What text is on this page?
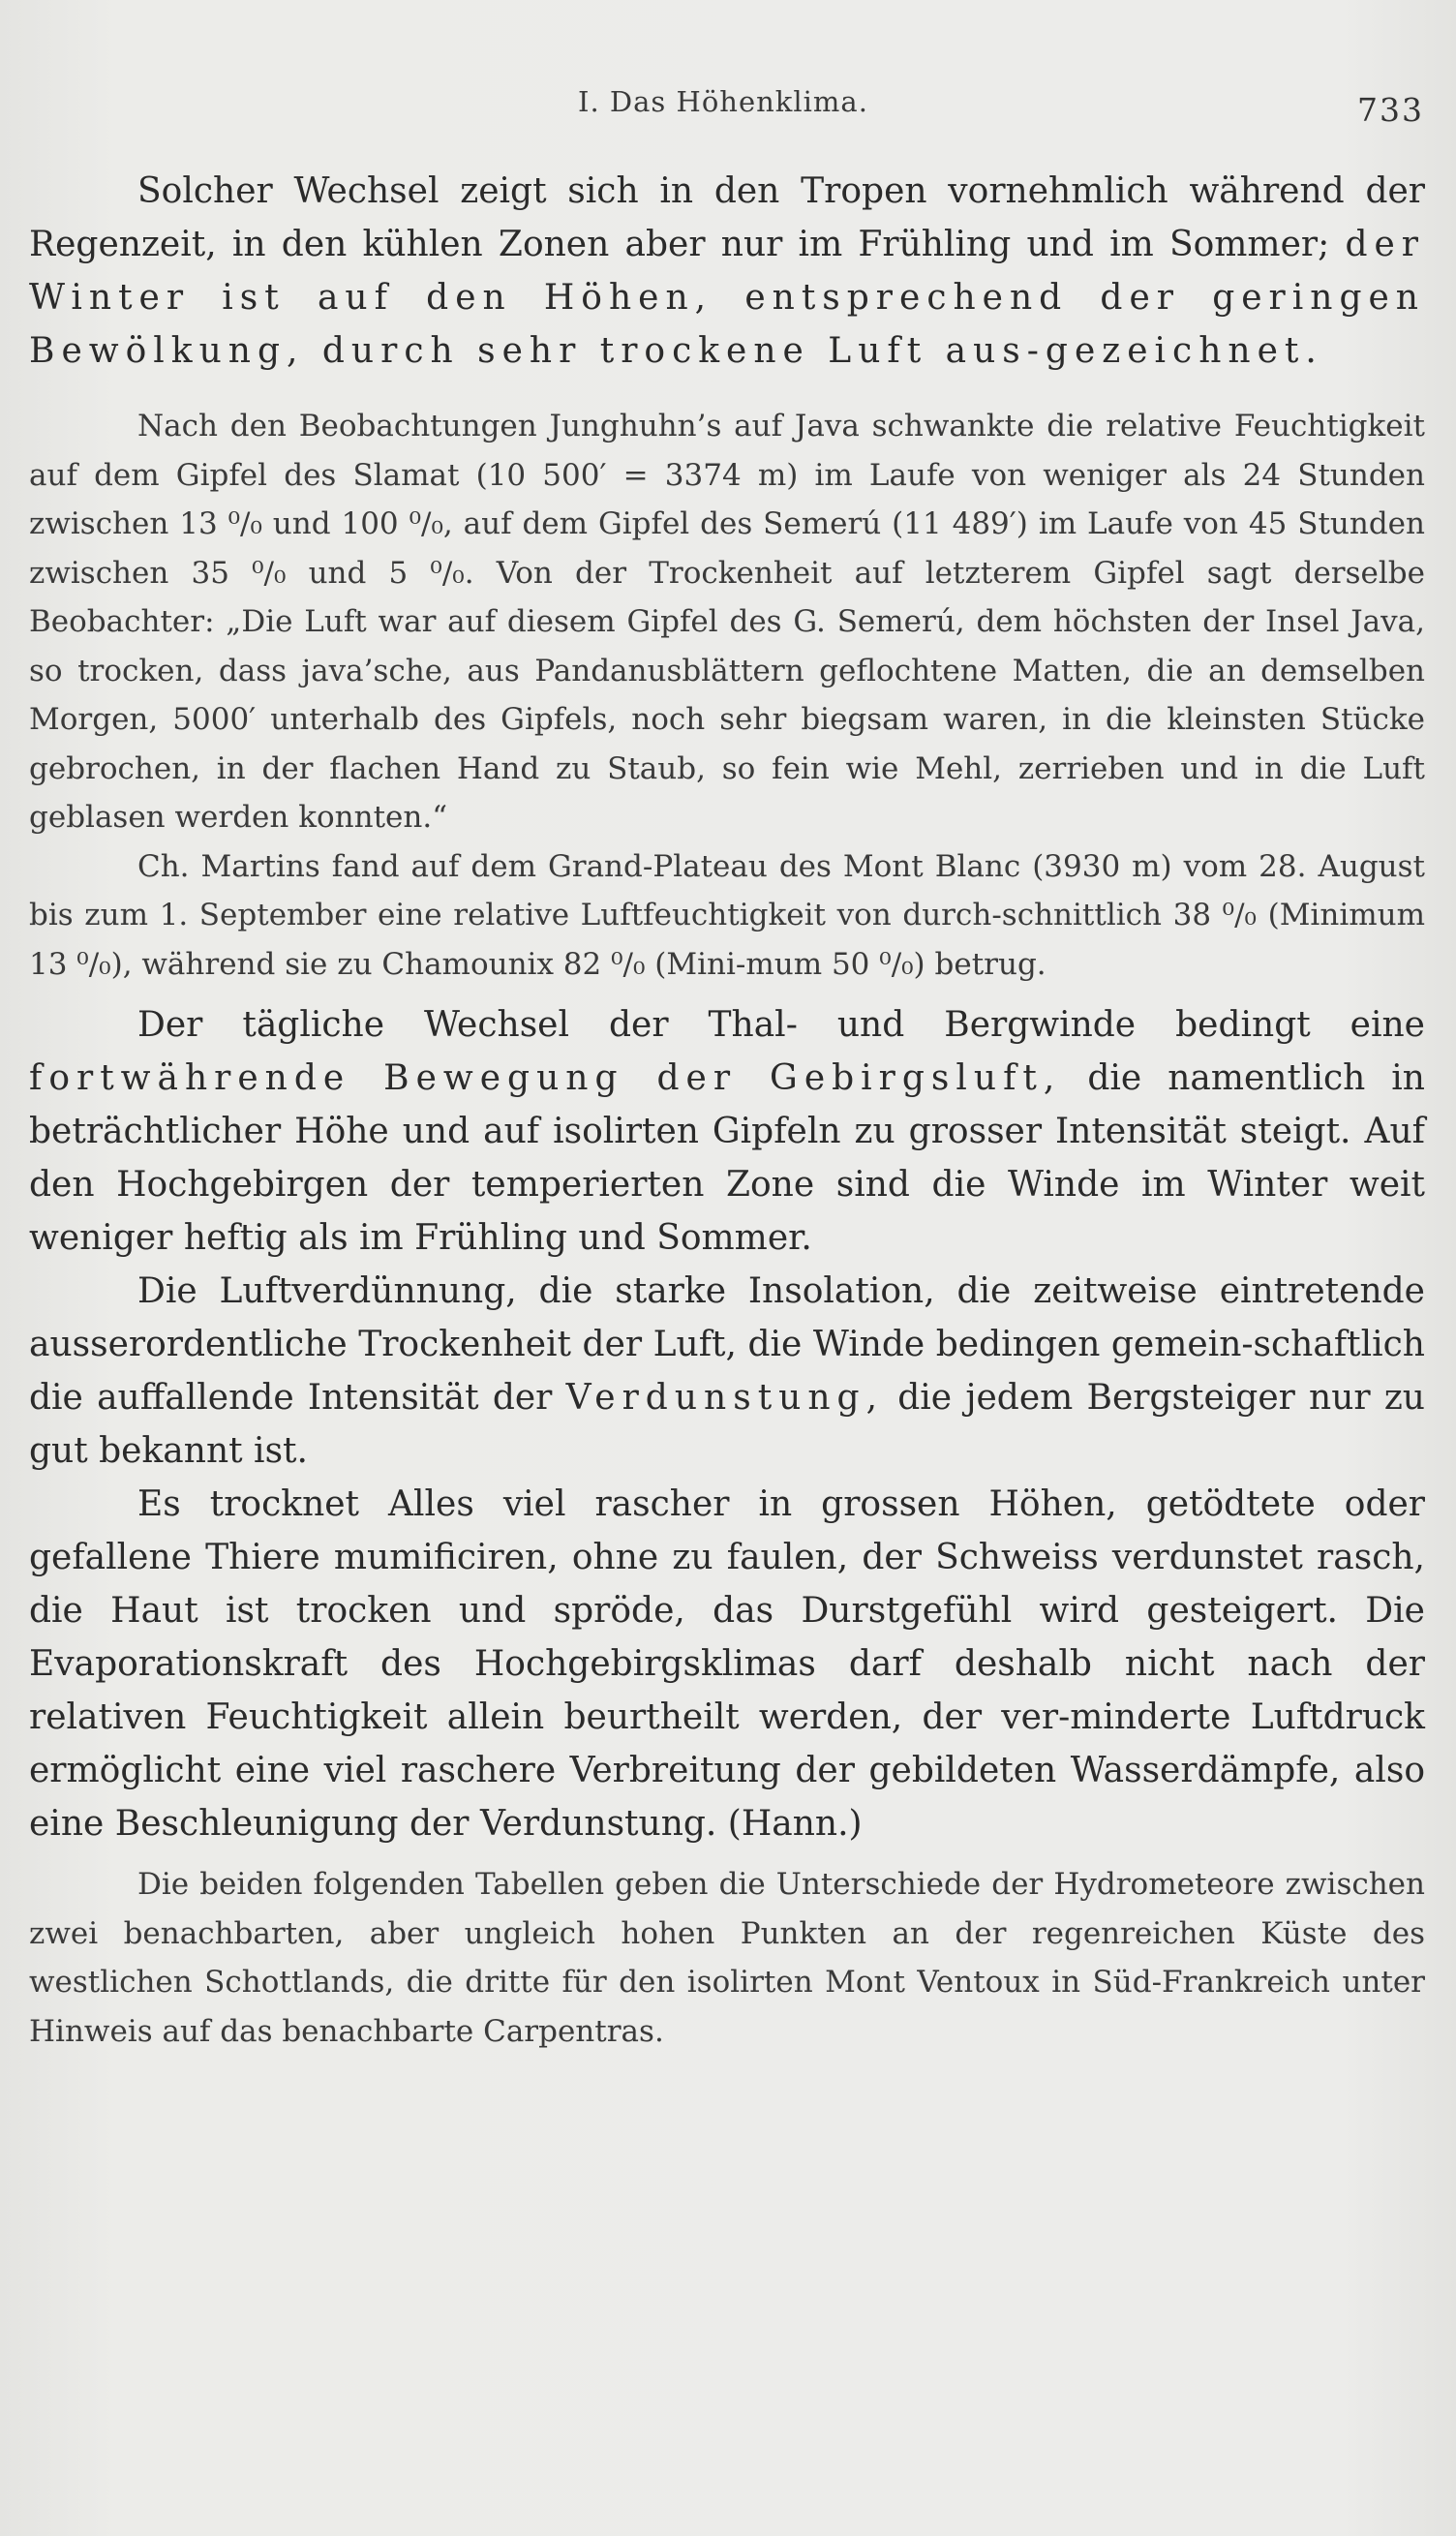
I. Das Höhenklima.	733

Solcher Wechsel zeigt sich in den Tropen vornehmlich während der Regenzeit, in den kühlen Zonen aber nur im Frühling und im Sommer; der Winter ist auf den Höhen, entsprechend der geringen Bewölkung, durch sehr trockene Luft aus-gezeichnet.

Nach den Beobachtungen Junghuhn’s auf Java schwankte die relative Feuchtigkeit auf dem Gipfel des Slamat (10 500′ = 3374 m) im Laufe von weniger als 24 Stunden zwischen 13 ⁰/₀ und 100 ⁰/₀, auf dem Gipfel des Semerú (11 489′) im Laufe von 45 Stunden zwischen 35 ⁰/₀ und 5 ⁰/₀. Von der Trockenheit auf letzterem Gipfel sagt derselbe Beobachter: „Die Luft war auf diesem Gipfel des G. Semerú, dem höchsten der Insel Java, so trocken, dass java’sche, aus Pandanusblättern geflochtene Matten, die an demselben Morgen, 5000′ unterhalb des Gipfels, noch sehr biegsam waren, in die kleinsten Stücke gebrochen, in der flachen Hand zu Staub, so fein wie Mehl, zerrieben und in die Luft geblasen werden konnten.“

Ch. Martins fand auf dem Grand-Plateau des Mont Blanc (3930 m) vom 28. August bis zum 1. September eine relative Luftfeuchtigkeit von durch-schnittlich 38 ⁰/₀ (Minimum 13 ⁰/₀), während sie zu Chamounix 82 ⁰/₀ (Mini-mum 50 ⁰/₀) betrug.

Der tägliche Wechsel der Thal- und Bergwinde bedingt eine fortwährende Bewegung der Gebirgsluft, die namentlich in beträchtlicher Höhe und auf isolirten Gipfeln zu grosser Intensität steigt. Auf den Hochgebirgen der temperierten Zone sind die Winde im Winter weit weniger heftig als im Frühling und Sommer.

Die Luftverdünnung, die starke Insolation, die zeitweise eintretende ausserordentliche Trockenheit der Luft, die Winde bedingen gemein-schaftlich die auffallende Intensität der Verdunstung, die jedem Bergsteiger nur zu gut bekannt ist.

Es trocknet Alles viel rascher in grossen Höhen, getödtete oder gefallene Thiere mumificiren, ohne zu faulen, der Schweiss verdunstet rasch, die Haut ist trocken und spröde, das Durstgefühl wird gesteigert. Die Evaporationskraft des Hochgebirgsklimas darf deshalb nicht nach der relativen Feuchtigkeit allein beurtheilt werden, der ver-minderte Luftdruck ermöglicht eine viel raschere Verbreitung der gebildeten Wasserdämpfe, also eine Beschleunigung der Verdunstung. (Hann.)

Die beiden folgenden Tabellen geben die Unterschiede der Hydrometeore zwischen zwei benachbarten, aber ungleich hohen Punkten an der regenreichen Küste des westlichen Schottlands, die dritte für den isolirten Mont Ventoux in Süd-Frankreich unter Hinweis auf das benachbarte Carpentras.
